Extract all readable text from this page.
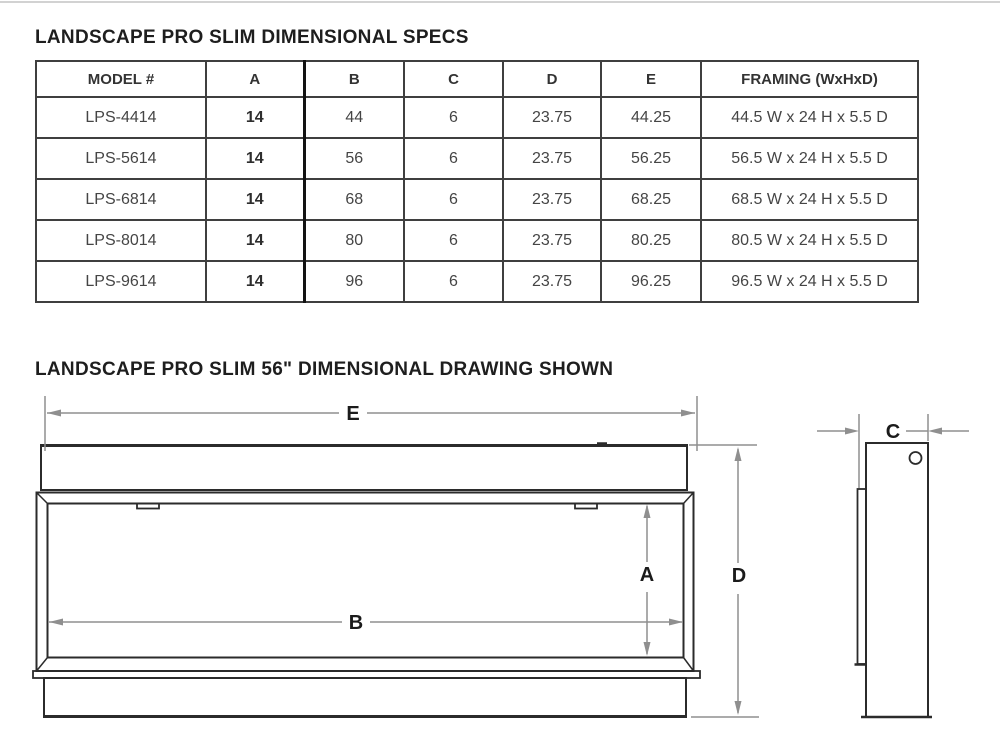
LANDSCAPE PRO SLIM DIMENSIONAL SPECS
MODEL #	A	B	C	D	E	FRAMING (WxHxD)
LPS-4414	14	44	6	23.75	44.25	44.5 W x 24 H x 5.5 D
LPS-5614	14	56	6	23.75	56.25	56.5 W x 24 H x 5.5 D
LPS-6814	14	68	6	23.75	68.25	68.5 W x 24 H x 5.5 D
LPS-8014	14	80	6	23.75	80.25	80.5 W x 24 H x 5.5 D
LPS-9614	14	96	6	23.75	96.25	96.5 W x 24 H x 5.5 D
LANDSCAPE PRO SLIM 56" DIMENSIONAL DRAWING SHOWN
E
A
B
D
C
